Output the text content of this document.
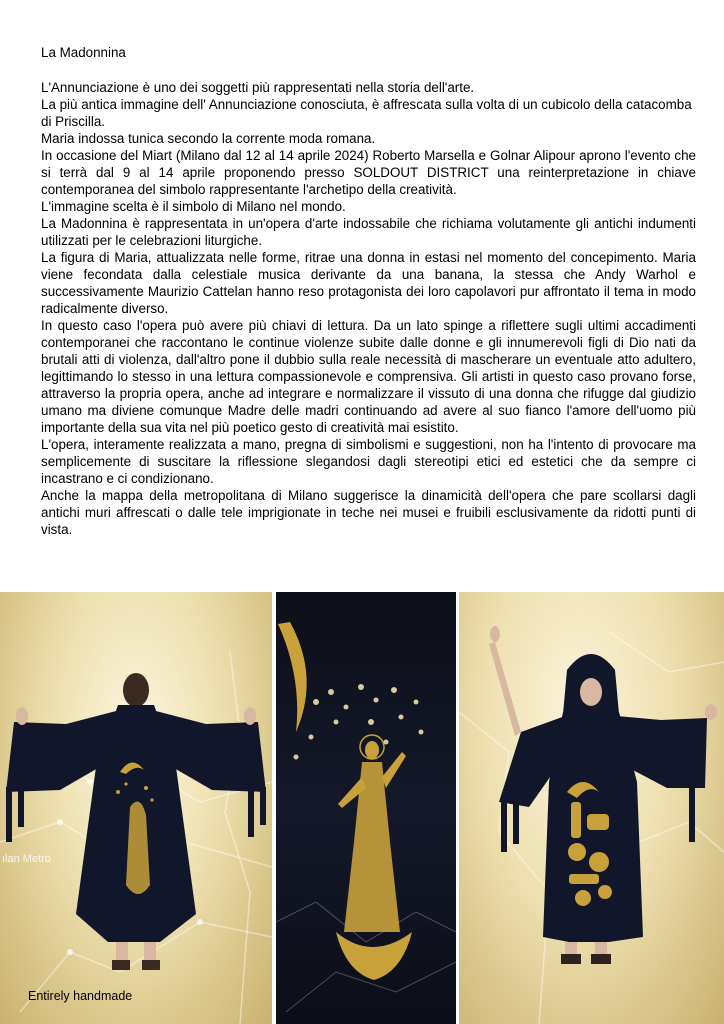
La Madonnina

L'Annunciazione è uno dei soggetti più rappresentati nella storia dell'arte.

La più antica immagine dell' Annunciazione conosciuta, è affrescata sulla volta di un cubicolo della catacomba di Priscilla.

Maria indossa tunica secondo la corrente moda romana.

In occasione del Miart (Milano dal 12 al 14 aprile 2024) Roberto Marsella e Golnar Alipour aprono l'evento che si terrà dal 9 al 14 aprile proponendo presso SOLDOUT DISTRICT una reinterpretazione in chiave contemporanea del simbolo rappresentante l'archetipo della creatività.

L'immagine scelta è il simbolo di Milano nel mondo.

La Madonnina è rappresentata in un'opera d'arte indossabile che richiama volutamente gli antichi indumenti utilizzati per le celebrazioni liturgiche.

La figura di Maria, attualizzata nelle forme, ritrae una donna in estasi nel momento del concepimento. Maria viene fecondata dalla celestiale musica derivante da una banana, la stessa che Andy Warhol e successivamente Maurizio Cattelan hanno reso protagonista dei loro capolavori pur affrontato il tema in modo radicalmente diverso.

In questo caso l'opera può avere più chiavi di lettura. Da un lato spinge a riflettere sugli ultimi accadimenti contemporanei che raccontano le continue violenze subite dalle donne e gli innumerevoli figli di Dio nati da brutali atti di violenza, dall'altro pone il dubbio sulla reale necessità di mascherare un eventuale atto adultero, legittimando lo stesso in una lettura compassionevole e comprensiva. Gli artisti in questo caso provano forse, attraverso la propria opera, anche ad integrare e normalizzare il vissuto di una donna che rifugge dal giudizio umano ma diviene comunque Madre delle madri continuando ad avere al suo fianco l'amore dell'uomo più importante della sua vita nel più poetico gesto di creatività mai esistito.

L'opera, interamente realizzata a mano, pregna di simbolismi e suggestioni, non ha l'intento di provocare ma semplicemente di suscitare la riflessione slegandosi dagli stereotipi etici ed estetici che da sempre ci incastrano e ci condizionano.

Anche la mappa della metropolitana di Milano suggerisce la dinamicità dell'opera che pare scollarsi dagli antichi muri affrescati o dalle tele imprigionate in teche nei musei e fruibili esclusivamente da ridotti punti di vista.

ılan Metro
Entirely handmade
